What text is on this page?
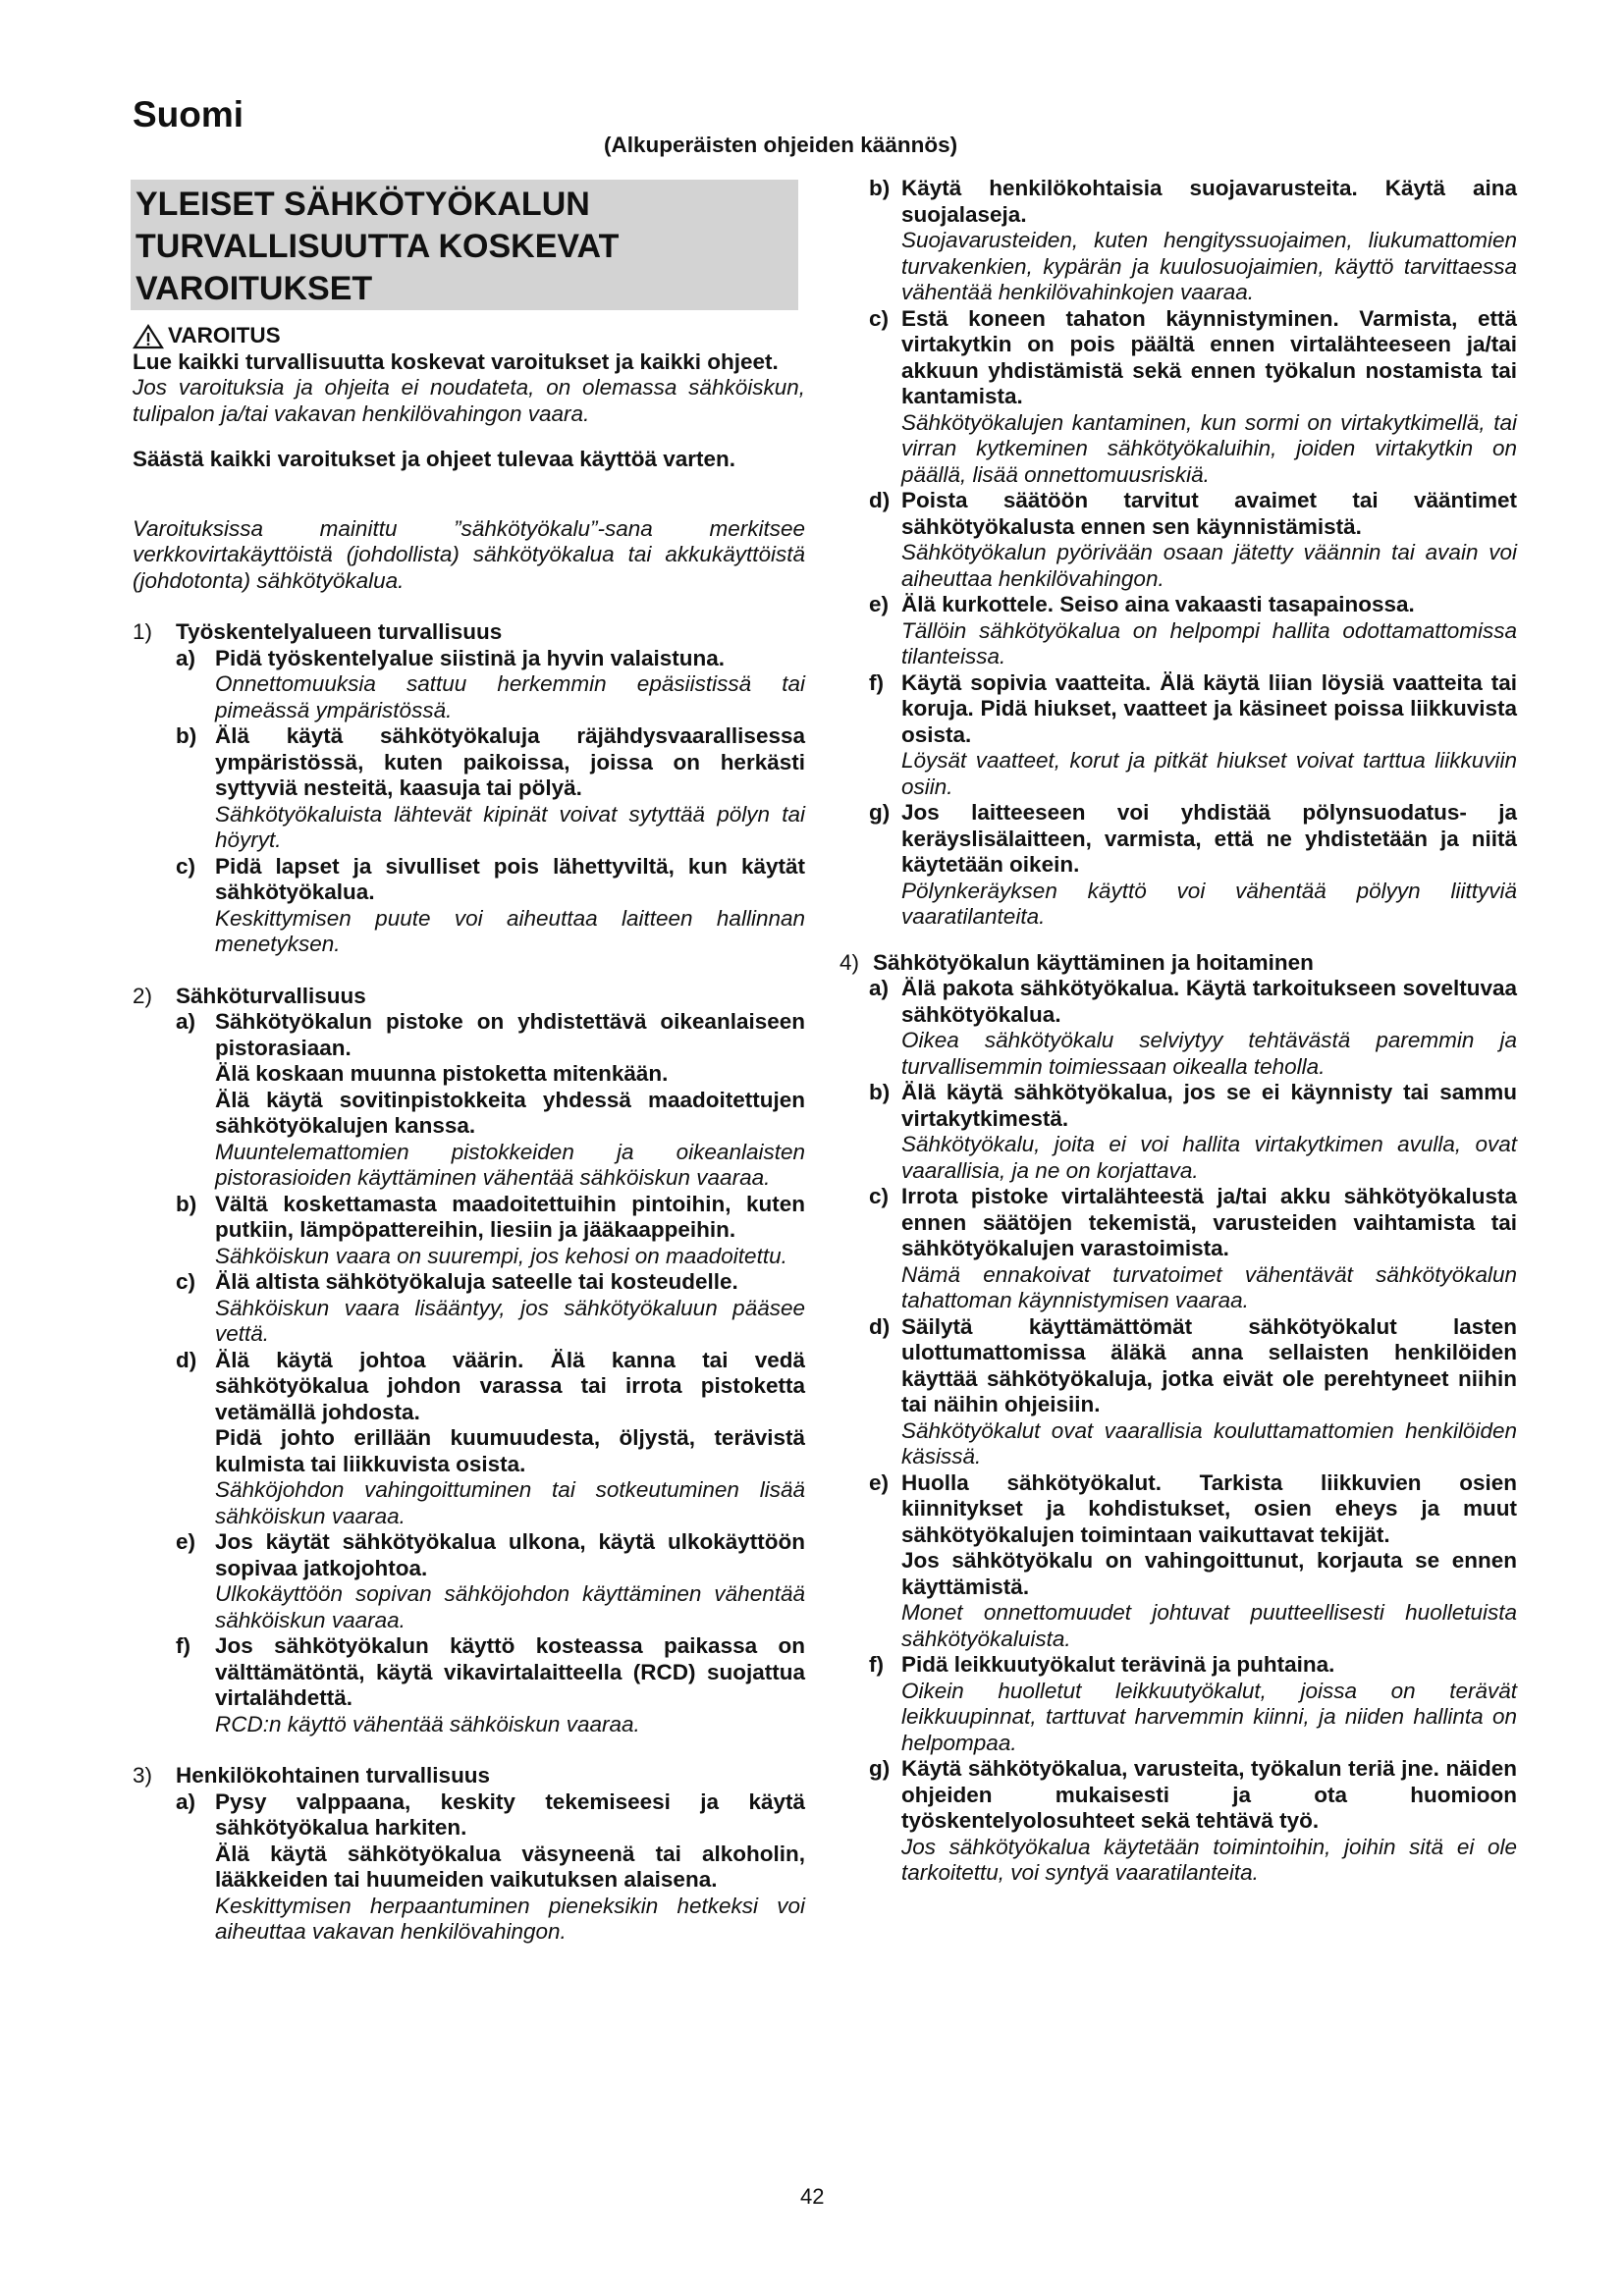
Suomi
(Alkuperäisten ohjeiden käännös)
YLEISET SÄHKÖTYÖKALUN TURVALLISUUTTA KOSKEVAT VAROITUKSET
VAROITUS

Lue kaikki turvallisuutta koskevat varoitukset ja kaikki ohjeet.

Jos varoituksia ja ohjeita ei noudateta, on olemassa sähköiskun, tulipalon ja/tai vakavan henkilövahingon vaara.

Säästä kaikki varoitukset ja ohjeet tulevaa käyttöä varten.

Varoituksissa mainittu ”sähkötyökalu”-sana merkitsee verkkovirtakäyttöistä (johdollista) sähkötyökalua tai akkukäyttöistä (johdotonta) sähkötyökalua.

1) Työskentelyalueen turvallisuus
a) Pidä työskentelyalue siistinä ja hyvin valaistuna.

Onnettomuuksia sattuu herkemmin epäsiistissä tai pimeässä ympäristössä.

b) Älä käytä sähkötyökaluja räjähdysvaarallisessa ympäristössä, kuten paikoissa, joissa on herkästi syttyviä nesteitä, kaasuja tai pölyä.

Sähkötyökaluista lähtevät kipinät voivat sytyttää pölyn tai höyryt.

c) Pidä lapset ja sivulliset pois lähettyviltä, kun käytät sähkötyökalua.

Keskittymisen puute voi aiheuttaa laitteen hallinnan menetyksen.

2) Sähköturvallisuus
a) Sähkötyökalun pistoke on yhdistettävä oikeanlaiseen pistorasiaan.

Älä koskaan muunna pistoketta mitenkään.

Älä käytä sovitinpistokkeita yhdessä maadoitettujen sähkötyökalujen kanssa.

Muuntelemattomien pistokkeiden ja oikeanlaisten pistorasioiden käyttäminen vähentää sähköiskun vaaraa.

b) Vältä koskettamasta maadoitettuihin pintoihin, kuten putkiin, lämpöpattereihin, liesiin ja jääkaappeihin.

Sähköiskun vaara on suurempi, jos kehosi on maadoitettu.

c) Älä altista sähkötyökaluja sateelle tai kosteudelle.

Sähköiskun vaara lisääntyy, jos sähkötyökaluun pääsee vettä.

d) Älä käytä johtoa väärin. Älä kanna tai vedä sähkötyökalua johdon varassa tai irrota pistoketta vetämällä johdosta.

Pidä johto erillään kuumuudesta, öljystä, terävistä kulmista tai liikkuvista osista.

Sähköjohdon vahingoittuminen tai sotkeutuminen lisää sähköiskun vaaraa.

e) Jos käytät sähkötyökalua ulkona, käytä ulkokäyttöön sopivaa jatkojohtoa.

Ulkokäyttöön sopivan sähköjohdon käyttäminen vähentää sähköiskun vaaraa.

f) Jos sähkötyökalun käyttö kosteassa paikassa on välttämätöntä, käytä vikavirtalaitteella (RCD) suojattua virtalähdettä.

RCD:n käyttö vähentää sähköiskun vaaraa.

3) Henkilökohtainen turvallisuus
a) Pysy valppaana, keskity tekemiseesi ja käytä sähkötyökalua harkiten.

Älä käytä sähkötyökalua väsyneenä tai alkoholin, lääkkeiden tai huumeiden vaikutuksen alaisena.

Keskittymisen herpaantuminen pieneksikin hetkeksi voi aiheuttaa vakavan henkilövahingon.

b) Käytä henkilökohtaisia suojavarusteita. Käytä aina suojalaseja.

Suojavarusteiden, kuten hengityssuojaimen, liukumattomien turvakenkien, kypärän ja kuulosuojaimien, käyttö tarvittaessa vähentää henkilövahinkojen vaaraa.

c) Estä koneen tahaton käynnistyminen. Varmista, että virtakytkin on pois päältä ennen virtalähteeseen ja/tai akkuun yhdistämistä sekä ennen työkalun nostamista tai kantamista.

Sähkötyökalujen kantaminen, kun sormi on virtakytkimellä, tai virran kytkeminen sähkötyökaluihin, joiden virtakytkin on päällä, lisää onnettomuusriskiä.

d) Poista säätöön tarvitut avaimet tai vääntimet sähkötyökalusta ennen sen käynnistämistä.

Sähkötyökalun pyörivään osaan jätetty väännin tai avain voi aiheuttaa henkilövahingon.

e) Älä kurkottele. Seiso aina vakaasti tasapainossa.

Tällöin sähkötyökalua on helpompi hallita odottamattomissa tilanteissa.

f) Käytä sopivia vaatteita. Älä käytä liian löysiä vaatteita tai koruja. Pidä hiukset, vaatteet ja käsineet poissa liikkuvista osista.

Löysät vaatteet, korut ja pitkät hiukset voivat tarttua liikkuviin osiin.

g) Jos laitteeseen voi yhdistää pölynsuodatus- ja keräyslisälaitteen, varmista, että ne yhdistetään ja niitä käytetään oikein.

Pölynkeräyksen käyttö voi vähentää pölyyn liittyviä vaaratilanteita.

4) Sähkötyökalun käyttäminen ja hoitaminen
a) Älä pakota sähkötyökalua. Käytä tarkoitukseen soveltuvaa sähkötyökalua.

Oikea sähkötyökalu selviytyy tehtävästä paremmin ja turvallisemmin toimiessaan oikealla teholla.

b) Älä käytä sähkötyökalua, jos se ei käynnisty tai sammu virtakytkimestä.

Sähkötyökalu, joita ei voi hallita virtakytkimen avulla, ovat vaarallisia, ja ne on korjattava.

c) Irrota pistoke virtalähteestä ja/tai akku sähkötyökalusta ennen säätöjen tekemistä, varusteiden vaihtamista tai sähkötyökalujen varastoimista.

Nämä ennakoivat turvatoimet vähentävät sähkötyökalun tahattoman käynnistymisen vaaraa.

d) Säilytä käyttämättömät sähkötyökalut lasten ulottumattomissa äläkä anna sellaisten henkilöiden käyttää sähkötyökaluja, jotka eivät ole perehtyneet niihin tai näihin ohjeisiin.

Sähkötyökalut ovat vaarallisia kouluttamattomien henkilöiden käsissä.

e) Huolla sähkötyökalut. Tarkista liikkuvien osien kiinnitykset ja kohdistukset, osien eheys ja muut sähkötyökalujen toimintaan vaikuttavat tekijät.

Jos sähkötyökalu on vahingoittunut, korjauta se ennen käyttämistä.

Monet onnettomuudet johtuvat puutteellisesti huolletuista sähkötyökaluista.

f) Pidä leikkuutyökalut terävinä ja puhtaina.

Oikein huolletut leikkuutyökalut, joissa on terävät leikkuupinnat, tarttuvat harvemmin kiinni, ja niiden hallinta on helpompaa.

g) Käytä sähkötyökalua, varusteita, työkalun teriä jne. näiden ohjeiden mukaisesti ja ota huomioon työskentelyolosuhteet sekä tehtävä työ.

Jos sähkötyökalua käytetään toimintoihin, joihin sitä ei ole tarkoitettu, voi syntyä vaaratilanteita.

42
